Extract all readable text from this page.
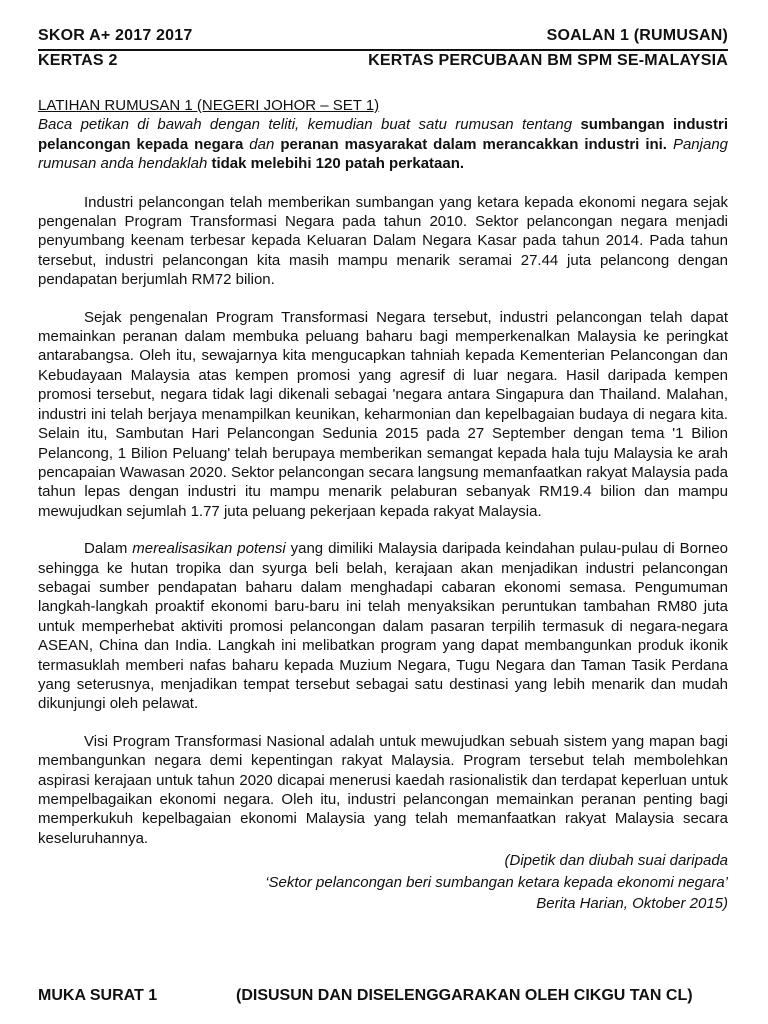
SKOR A+ 2017 2017	SOALAN 1 (RUMUSAN)
KERTAS 2	KERTAS PERCUBAAN BM SPM SE-MALAYSIA

LATIHAN RUMUSAN 1 (NEGERI JOHOR – SET 1)

Baca petikan di bawah dengan teliti, kemudian buat satu rumusan tentang sumbangan industri pelancongan kepada negara dan peranan masyarakat dalam merancakkan industri ini. Panjang rumusan anda hendaklah tidak melebihi 120 patah perkataan.

Industri pelancongan telah memberikan sumbangan yang ketara kepada ekonomi negara sejak pengenalan Program Transformasi Negara pada tahun 2010. Sektor pelancongan negara menjadi penyumbang keenam terbesar kepada Keluaran Dalam Negara Kasar pada tahun 2014. Pada tahun tersebut, industri pelancongan kita masih mampu menarik seramai 27.44 juta pelancong dengan pendapatan berjumlah RM72 bilion.

Sejak pengenalan Program Transformasi Negara tersebut, industri pelancongan telah dapat memainkan peranan dalam membuka peluang baharu bagi memperkenalkan Malaysia ke peringkat antarabangsa. Oleh itu, sewajarnya kita mengucapkan tahniah kepada Kementerian Pelancongan dan Kebudayaan Malaysia atas kempen promosi yang agresif di luar negara. Hasil daripada kempen promosi tersebut, negara tidak lagi dikenali sebagai 'negara antara Singapura dan Thailand. Malahan, industri ini telah berjaya menampilkan keunikan, keharmonian dan kepelbagaian budaya di negara kita. Selain itu, Sambutan Hari Pelancongan Sedunia 2015 pada 27 September dengan tema '1 Bilion Pelancong, 1 Bilion Peluang' telah berupaya memberikan semangat kepada hala tuju Malaysia ke arah pencapaian Wawasan 2020. Sektor pelancongan secara langsung memanfaatkan rakyat Malaysia pada tahun lepas dengan industri itu mampu menarik pelaburan sebanyak RM19.4 bilion dan mampu mewujudkan sejumlah 1.77 juta peluang pekerjaan kepada rakyat Malaysia.

Dalam merealisasikan potensi yang dimiliki Malaysia daripada keindahan pulau-pulau di Borneo sehingga ke hutan tropika dan syurga beli belah, kerajaan akan menjadikan industri pelancongan sebagai sumber pendapatan baharu dalam menghadapi cabaran ekonomi semasa. Pengumuman langkah-langkah proaktif ekonomi baru-baru ini telah menyaksikan peruntukan tambahan RM80 juta untuk memperhebat aktiviti promosi pelancongan dalam pasaran terpilih termasuk di negara-negara ASEAN, China dan India. Langkah ini melibatkan program yang dapat membangunkan produk ikonik termasuklah memberi nafas baharu kepada Muzium Negara, Tugu Negara dan Taman Tasik Perdana yang seterusnya, menjadikan tempat tersebut sebagai satu destinasi yang lebih menarik dan mudah dikunjungi oleh pelawat.

Visi Program Transformasi Nasional adalah untuk mewujudkan sebuah sistem yang mapan bagi membangunkan negara demi kepentingan rakyat Malaysia. Program tersebut telah membolehkan aspirasi kerajaan untuk tahun 2020 dicapai menerusi kaedah rasionalistik dan terdapat keperluan untuk mempelbagaikan ekonomi negara. Oleh itu, industri pelancongan memainkan peranan penting bagi memperkukuh kepelbagaian ekonomi Malaysia yang telah memanfaatkan rakyat Malaysia secara keseluruhannya.

(Dipetik dan diubah suai daripada

‘Sektor pelancongan beri sumbangan ketara kepada ekonomi negara’

Berita Harian, Oktober 2015)

MUKA SURAT 1	(DISUSUN DAN DISELENGGARAKAN OLEH CIKGU TAN CL)
